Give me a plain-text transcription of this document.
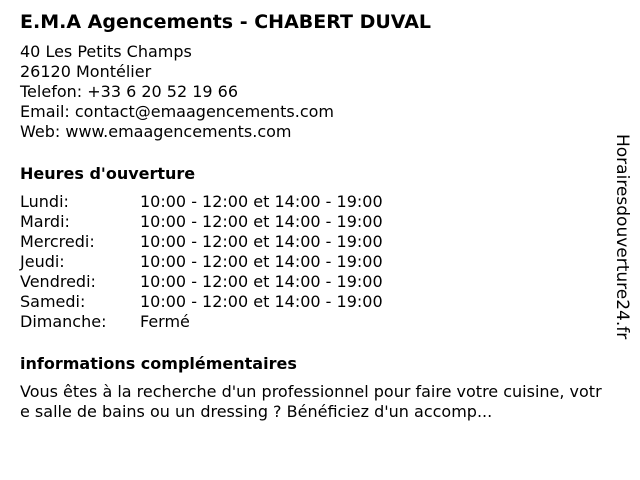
E.M.A Agencements - CHABERT DUVAL
40 Les Petits Champs
26120 Montélier
Telefon: +33 6 20 52 19 66
Email: contact@emaagencements.com
Web: www.emaagencements.com
Heures d'ouverture
Lundi:	10:00 - 12:00 et 14:00 - 19:00
Mardi:	10:00 - 12:00 et 14:00 - 19:00
Mercredi:	10:00 - 12:00 et 14:00 - 19:00
Jeudi:	10:00 - 12:00 et 14:00 - 19:00
Vendredi:	10:00 - 12:00 et 14:00 - 19:00
Samedi:	10:00 - 12:00 et 14:00 - 19:00
Dimanche:	Fermé
informations complémentaires
Vous êtes à la recherche d'un professionnel pour faire votre cuisine, votre salle de bains ou un dressing ? Bénéficiez d'un accomp...
Horairesdouverture24.fr
